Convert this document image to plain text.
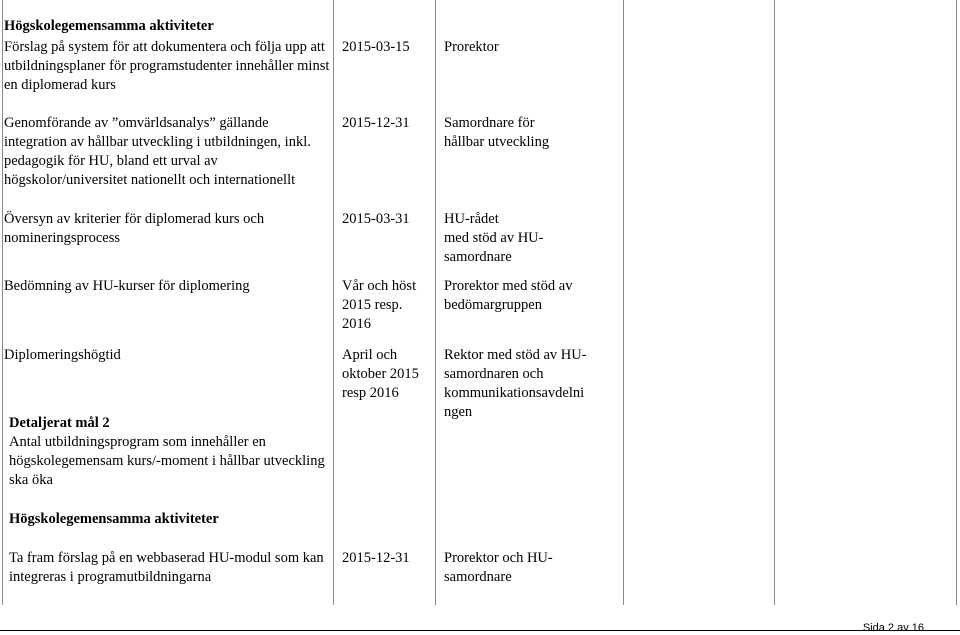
Högskolegemensamma aktiviteter
Förslag på system för att dokumentera och följa upp att
utbildningsplaner för programstudenter innehåller minst
en diplomerad kurs
2015-03-15 Prorektor
Genomförande av ”omvärldsanalys” gällande
integration av hållbar utveckling i utbildningen, inkl.
pedagogik för HU, bland ett urval av
högskolor/universitet nationellt och internationellt
2015-12-31 Samordnare för
hållbar utveckling
Översyn av kriterier för diplomerad kurs och
nomineringsprocess
2015-03-31 HU-rådet
med stöd av HU-
samordnare
Bedömning av HU-kurser för diplomering	Vår och höst
2015 resp.
2016
Prorektor med stöd av
bedömargruppen
Diplomeringshögtid	April och
oktober 2015
resp 2016
Rektor med stöd av HU-
samordnaren och
kommunikationsavdelni
ngen
Detaljerat mål 2
Antal utbildningsprogram som innehåller en
högskolegemensam kurs/-moment i hållbar utveckling
ska öka
Högskolegemensamma aktiviteter
Ta fram förslag på en webbaserad HU-modul som kan
integreras i programutbildningarna
2015-12-31 Prorektor och HU-
samordnare
Sida 2 av 16
